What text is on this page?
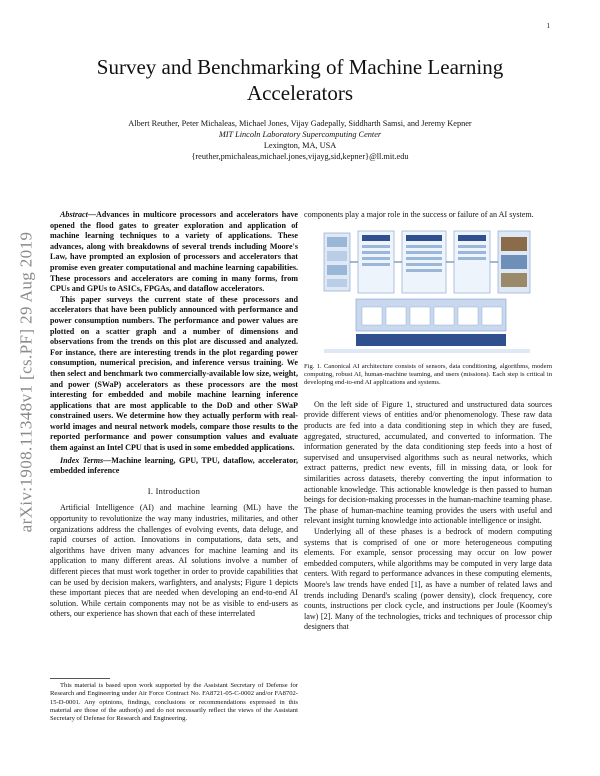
1
arXiv:1908.11348v1 [cs.PF] 29 Aug 2019
Survey and Benchmarking of Machine Learning Accelerators
Albert Reuther, Peter Michaleas, Michael Jones, Vijay Gadepally, Siddharth Samsi, and Jeremy Kepner
MIT Lincoln Laboratory Supercomputing Center
Lexington, MA, USA
{reuther,pmichaleas,michael.jones,vijayg,sid,kepner}@ll.mit.edu

Abstract—Advances in multicore processors and accelerators have opened the flood gates to greater exploration and application of machine learning techniques to a variety of applications. These advances, along with breakdowns of several trends including Moore's Law, have prompted an explosion of processors and accelerators that promise even greater computational and machine learning capabilities. These processors and accelerators are coming in many forms, from CPUs and GPUs to ASICs, FPGAs, and dataflow accelerators.

This paper surveys the current state of these processors and accelerators that have been publicly announced with performance and power consumption numbers. The performance and power values are plotted on a scatter graph and a number of dimensions and observations from the trends on this plot are discussed and analyzed. For instance, there are interesting trends in the plot regarding power consumption, numerical precision, and inference versus training. We then select and benchmark two commercially-available low size, weight, and power (SWaP) accelerators as these processors are the most interesting for embedded and mobile machine learning inference applications that are most applicable to the DoD and other SWaP constrained users. We determine how they actually perform with real-world images and neural network models, compare those results to the reported performance and power consumption values and evaluate them against an Intel CPU that is used in some embedded applications.

Index Terms—Machine learning, GPU, TPU, dataflow, accelerator, embedded inference

I. Introduction

Artificial Intelligence (AI) and machine learning (ML) have the opportunity to revolutionize the way many industries, militaries, and other organizations address the challenges of evolving events, data deluge, and rapid courses of action. Innovations in computations, data sets, and algorithms have driven many advances for machine learning and its application to many different areas. AI solutions involve a number of different pieces that must work together in order to provide capabilities that can be used by decision makers, warfighters, and analysts; Figure 1 depicts these important pieces that are needed when developing an end-to-end AI solution. While certain components may not be as visible to end-users as others, our experience has shown that each of these interrelated

This material is based upon work supported by the Assistant Secretary of Defense for Research and Engineering under Air Force Contract No. FA8721-05-C-0002 and/or FA8702-15-D-0001. Any opinions, findings, conclusions or recommendations expressed in this material are those of the author(s) and do not necessarily reflect the views of the Assistant Secretary of Defense for Research and Engineering.

components play a major role in the success or failure of an AI system.

Fig. 1. Canonical AI architecture consists of sensors, data conditioning, algorithms, modern computing, robust AI, human-machine teaming, and users (missions). Each step is critical in developing end-to-end AI applications and systems.

On the left side of Figure 1, structured and unstructured data sources provide different views of entities and/or phenomenology. These raw data products are fed into a data conditioning step in which they are fused, aggregated, structured, accumulated, and converted to information. The information generated by the data conditioning step feeds into a host of supervised and unsupervised algorithms such as neural networks, which extract patterns, predict new events, fill in missing data, or look for similarities across datasets, thereby converting the input information to actionable knowledge. This actionable knowledge is then passed to human beings for decision-making processes in the human-machine teaming phase. The phase of human-machine teaming provides the users with useful and relevant insight turning knowledge into actionable intelligence or insight.

Underlying all of these phases is a bedrock of modern computing systems that is comprised of one or more heterogeneous computing elements. For example, sensor processing may occur on low power embedded computers, while algorithms may be computed in very large data centers. With regard to performance advances in these computing elements, Moore's law trends have ended [1], as have a number of related laws and trends including Denard's scaling (power density), clock frequency, core counts, instructions per clock cycle, and instructions per Joule (Koomey's law) [2]. Many of the technologies, tricks and techniques of processor chip designers that
